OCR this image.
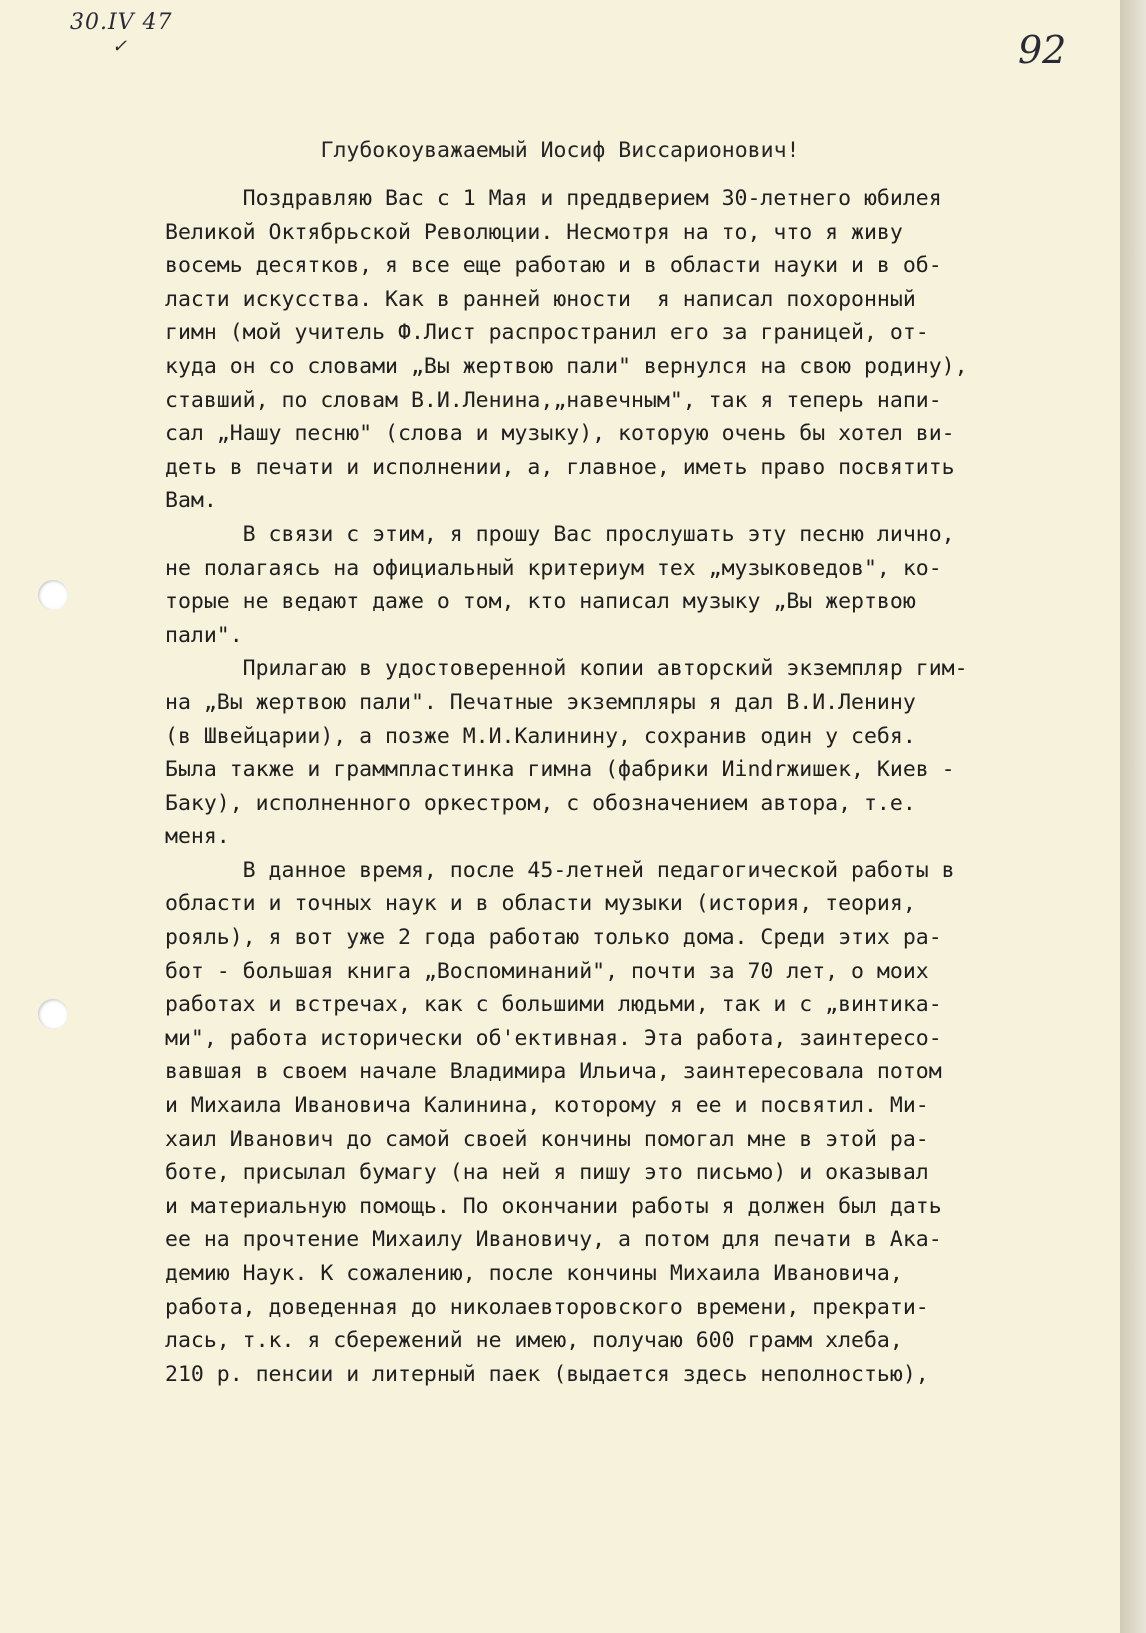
30.IV 47
✓	92
Глубокоуважаемый Иосиф Виссарионович!
Поздравляю Вас с 1 Мая и преддверием 30-летнего юбилея
Великой Октябрьской Революции. Несмотря на то, что я живу
восемь десятков, я все еще работаю и в области науки и в об-
ласти искусства. Как в ранней юности  я написал похоронный
гимн (мой учитель Ф.Лист распространил его за границей, от-
куда он со словами „Вы жертвою пали" вернулся на свою родину),
ставший, по словам В.И.Ленина,„навечным", так я теперь напи-
сал „Нашу песню" (слова и музыку), которую очень бы хотел ви-
деть в печати и исполнении, а, главное, иметь право посвятить
Вам.
В связи с этим, я прошу Вас прослушать эту песню лично,
не полагаясь на официальный критериум тех „музыковедов", ко-
торые не ведают даже о том, кто написал музыку „Вы жертвою
пали".
Прилагаю в удостоверенной копии авторский экземпляр гим-
на „Вы жертвою пали". Печатные экземпляры я дал В.И.Ленину
(в Швейцарии), а позже М.И.Калинину, сохранив один у себя.
Была также и граммпластинка гимна (фабрики Иindrжишек, Киев -
Баку), исполненного оркестром, с обозначением автора, т.е.
меня.
В данное время, после 45-летней педагогической работы в
области и точных наук и в области музыки (история, теория,
рояль), я вот уже 2 года работаю только дома. Среди этих ра-
бот - большая книга „Воспоминаний", почти за 70 лет, о моих
работах и встречах, как с большими людьми, так и с „винтика-
ми", работа исторически об'ективная. Эта работа, заинтересо-
вавшая в своем начале Владимира Ильича, заинтересовала потом
и Михаила Ивановича Калинина, которому я ее и посвятил. Ми-
хаил Иванович до самой своей кончины помогал мне в этой ра-
боте, присылал бумагу (на ней я пишу это письмо) и оказывал
и материальную помощь. По окончании работы я должен был дать
ее на прочтение Михаилу Ивановичу, а потом для печати в Ака-
демию Наук. К сожалению, после кончины Михаила Ивановича,
работа, доведенная до николаевторовского времени, прекрати-
лась, т.к. я сбережений не имею, получаю 600 грамм хлеба,
210 р. пенсии и литерный паек (выдается здесь неполностью),
